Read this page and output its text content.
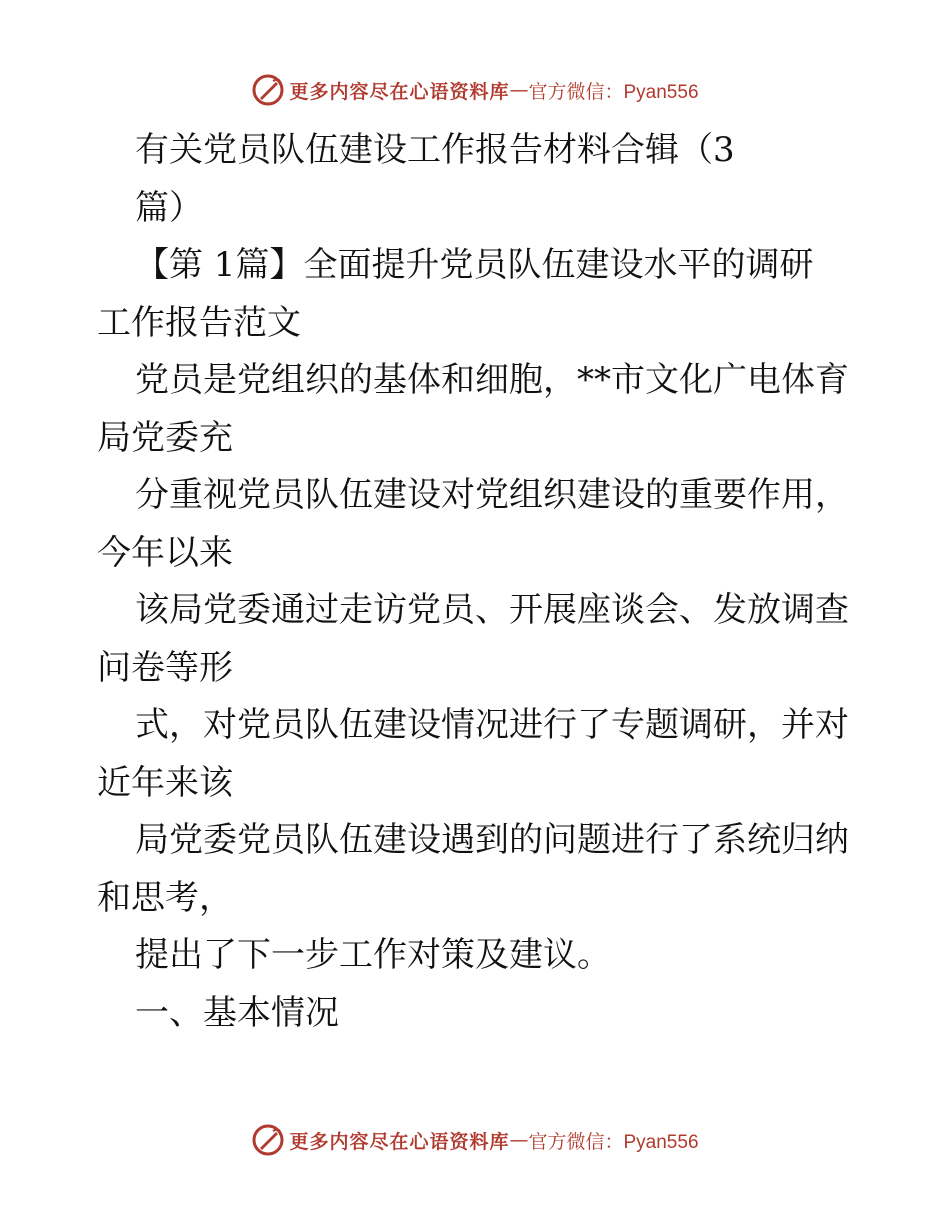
更多内容尽在心语资料库 — 官方微信：Pyan556

有关党员队伍建设工作报告材料合辑（3

篇）

【第 1篇】全面提升党员队伍建设水平的调研

工作报告范文

党员是党组织的基体和细胞，**市文化广电体育

局党委充

分重视党员队伍建设对党组织建设的重要作用，

今年以来

该局党委通过走访党员、开展座谈会、发放调查

问卷等形

式，对党员队伍建设情况进行了专题调研，并对

近年来该

局党委党员队伍建设遇到的问题进行了系统归纳

和思考，

提出了下一步工作对策及建议。

一、基本情况

更多内容尽在心语资料库 — 官方微信：Pyan556
